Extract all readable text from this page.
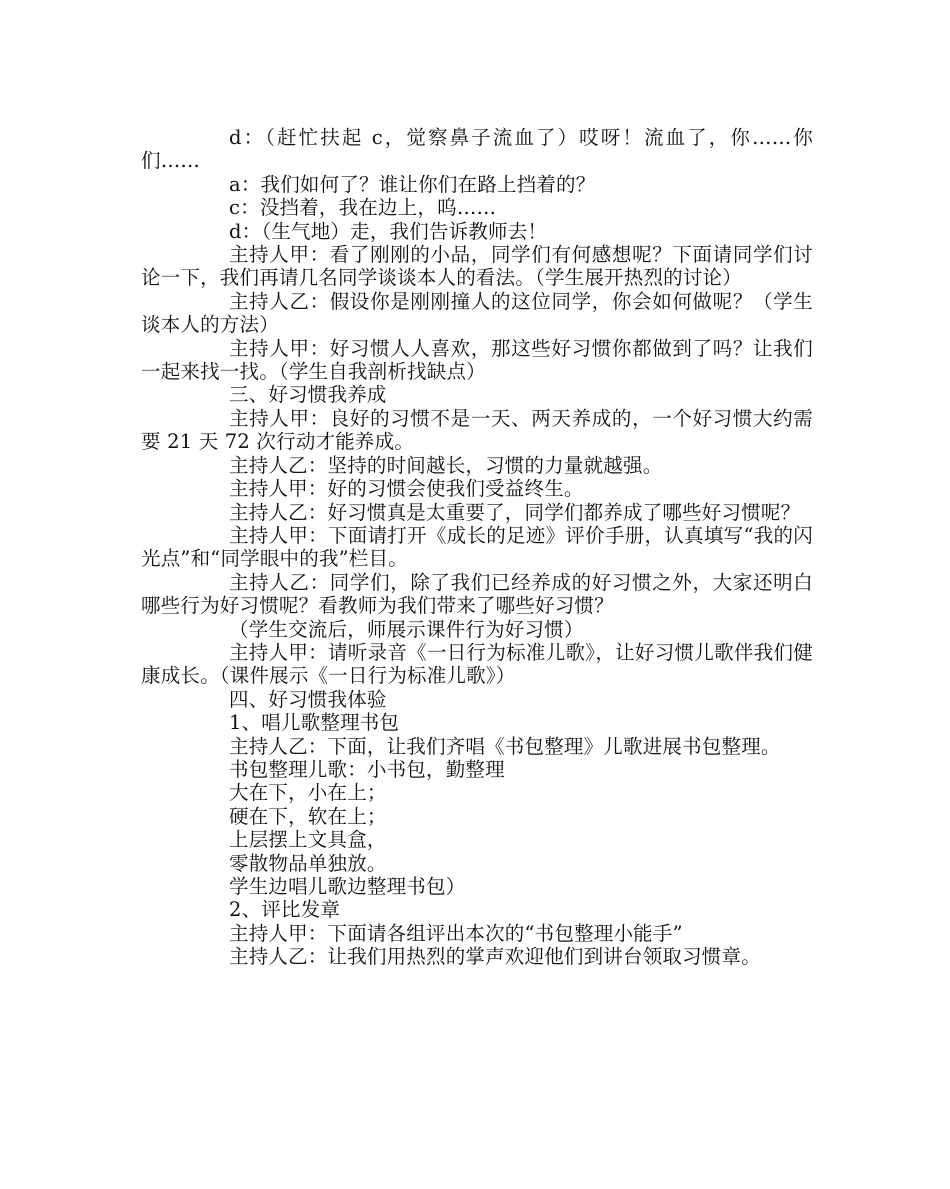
d：（赶忙扶起 c，觉察鼻子流血了）哎呀！流血了，你……你们……

a：我们如何了？谁让你们在路上挡着的？

c：没挡着，我在边上，呜……

d：（生气地）走，我们告诉教师去！

主持人甲：看了刚刚的小品，同学们有何感想呢？下面请同学们讨论一下，我们再请几名同学谈谈本人的看法。（学生展开热烈的讨论）

主持人乙：假设你是刚刚撞人的这位同学，你会如何做呢？（学生谈本人的方法）

主持人甲：好习惯人人喜欢，那这些好习惯你都做到了吗？让我们一起来找一找。（学生自我剖析找缺点）

三、好习惯我养成

主持人甲：良好的习惯不是一天、两天养成的，一个好习惯大约需要 21 天 72 次行动才能养成。

主持人乙：坚持的时间越长，习惯的力量就越强。

主持人甲：好的习惯会使我们受益终生。

主持人乙：好习惯真是太重要了，同学们都养成了哪些好习惯呢？

主持人甲：下面请打开《成长的足迹》评价手册，认真填写“我的闪光点”和“同学眼中的我”栏目。

主持人乙：同学们，除了我们已经养成的好习惯之外，大家还明白哪些行为好习惯呢？看教师为我们带来了哪些好习惯？

（学生交流后，师展示课件行为好习惯）

主持人甲：请听录音《一日行为标准儿歌》，让好习惯儿歌伴我们健康成长。（课件展示《一日行为标准儿歌》）

四、好习惯我体验

1、唱儿歌整理书包

主持人乙：下面，让我们齐唱《书包整理》儿歌进展书包整理。

书包整理儿歌：小书包，勤整理

大在下，小在上；

硬在下，软在上；

上层摆上文具盒，

零散物品单独放。

学生边唱儿歌边整理书包）

2、评比发章

主持人甲：下面请各组评出本次的“书包整理小能手”

主持人乙：让我们用热烈的掌声欢迎他们到讲台领取习惯章。
